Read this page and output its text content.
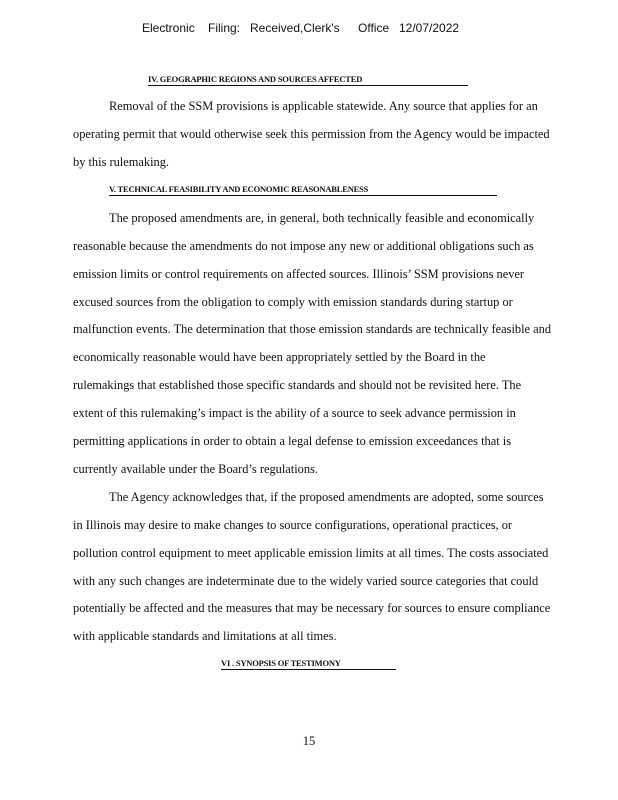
Electronic Filing: Received,Clerk's Office 12/07/2022
IV. GEOGRAPHIC REGIONS AND SOURCES AFFECTED
Removal of the SSM provisions is applicable statewide. Any source that applies for an
operating permit that would otherwise seek this permission from the Agency would be impacted
by this rulemaking.
V. TECHNICAL FEASIBILITY AND ECONOMIC REASONABLENESS
The proposed amendments are, in general, both technically feasible and economically
reasonable because the amendments do not impose any new or additional obligations such as
emission limits or control requirements on affected sources. Illinois’ SSM provisions never
excused sources from the obligation to comply with emission standards during startup or
malfunction events. The determination that those emission standards are technically feasible and
economically reasonable would have been appropriately settled by the Board in the
rulemakings that established those specific standards and should not be revisited here. The
extent of this rulemaking’s impact is the ability of a source to seek advance permission in
permitting applications in order to obtain a legal defense to emission exceedances that is
currently available under the Board’s regulations.
The Agency acknowledges that, if the proposed amendments are adopted, some sources
in Illinois may desire to make changes to source configurations, operational practices, or
pollution control equipment to meet applicable emission limits at all times. The costs associated
with any such changes are indeterminate due to the widely varied source categories that could
potentially be affected and the measures that may be necessary for sources to ensure compliance
with applicable standards and limitations at all times.
VI . SYNOPSIS OF TESTIMONY
15
